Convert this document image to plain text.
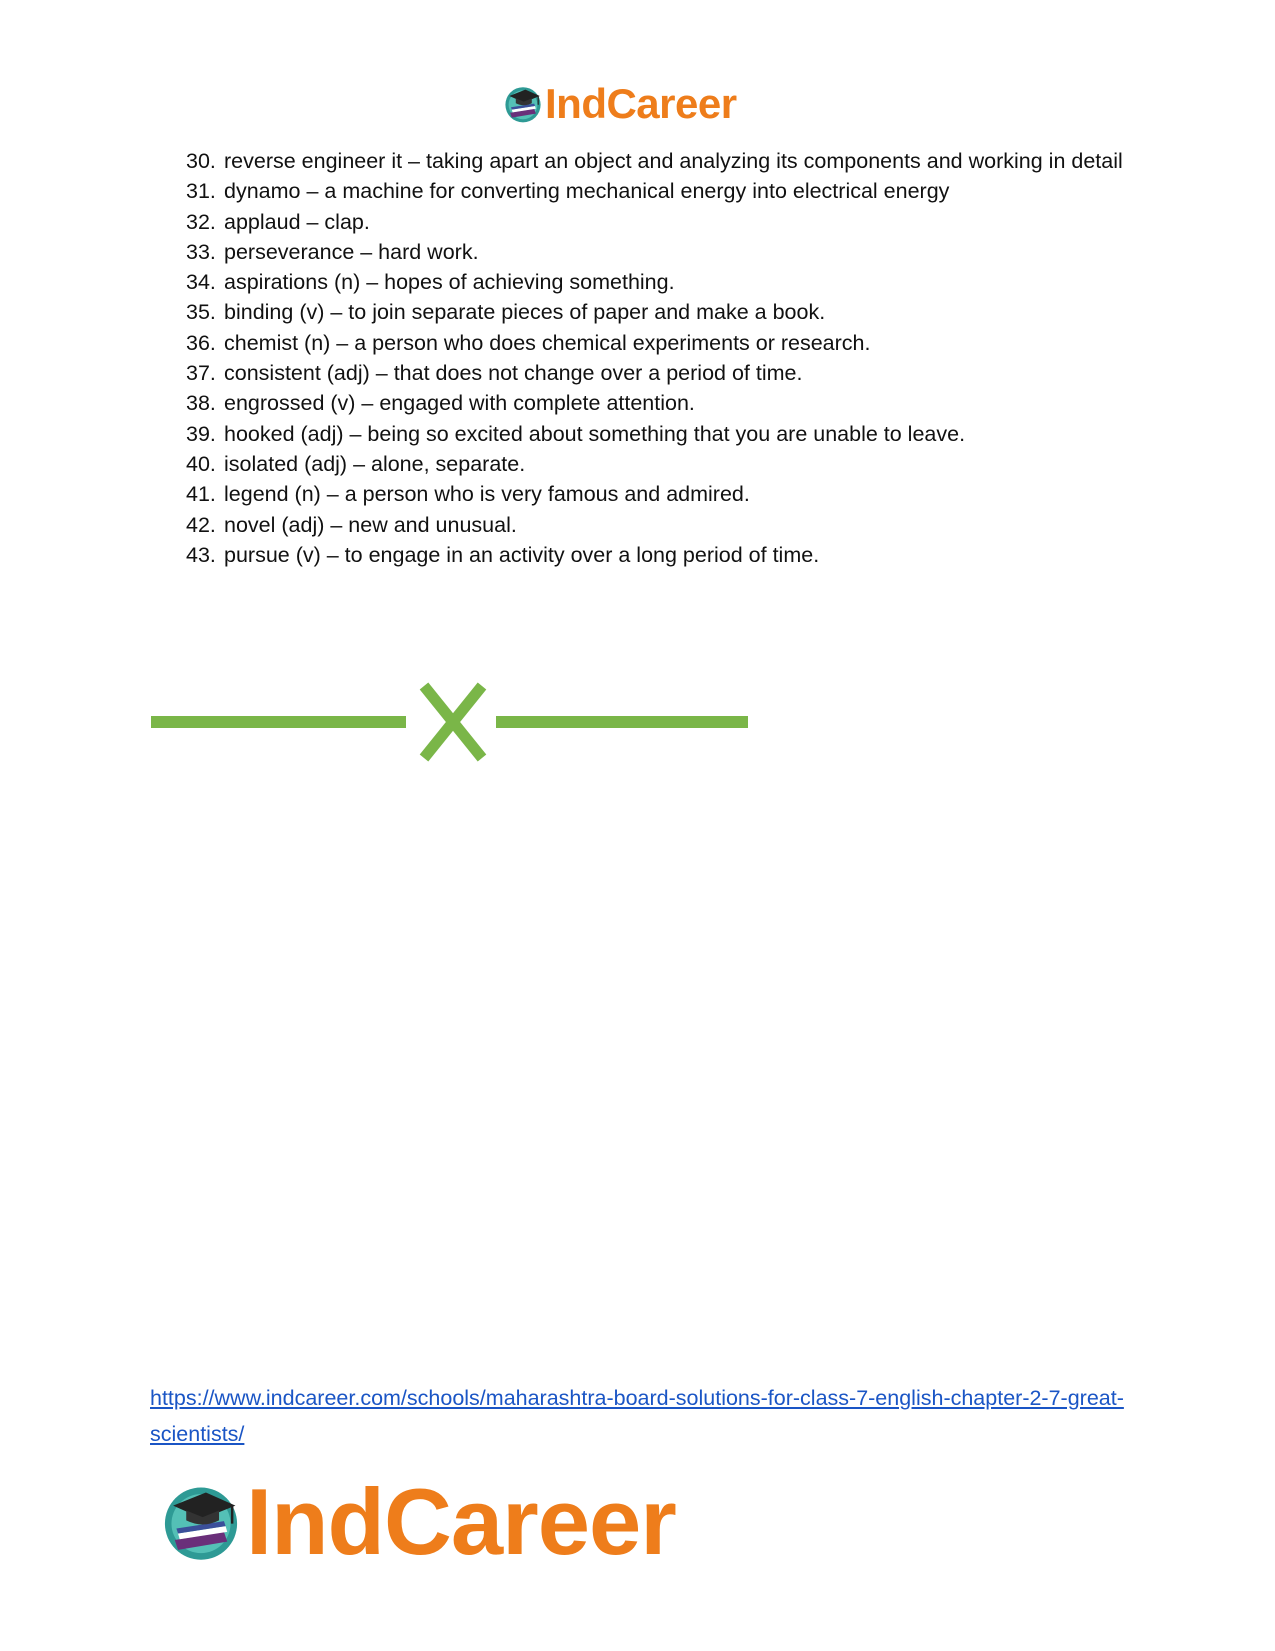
IndCareer
30. reverse engineer it – taking apart an object and analyzing its components and working in detail
31. dynamo – a machine for converting mechanical energy into electrical energy
32. applaud – clap.
33. perseverance – hard work.
34. aspirations (n) – hopes of achieving something.
35. binding (v) – to join separate pieces of paper and make a book.
36. chemist (n) – a person who does chemical experiments or research.
37. consistent (adj) – that does not change over a period of time.
38. engrossed (v) – engaged with complete attention.
39. hooked (adj) – being so excited about something that you are unable to leave.
40. isolated (adj) – alone, separate.
41. legend (n) – a person who is very famous and admired.
42. novel (adj) – new and unusual.
43. pursue (v) – to engage in an activity over a long period of time.
https://www.indcareer.com/schools/maharashtra-board-solutions-for-class-7-english-chapter-2-7-great-scientists/
IndCareer
